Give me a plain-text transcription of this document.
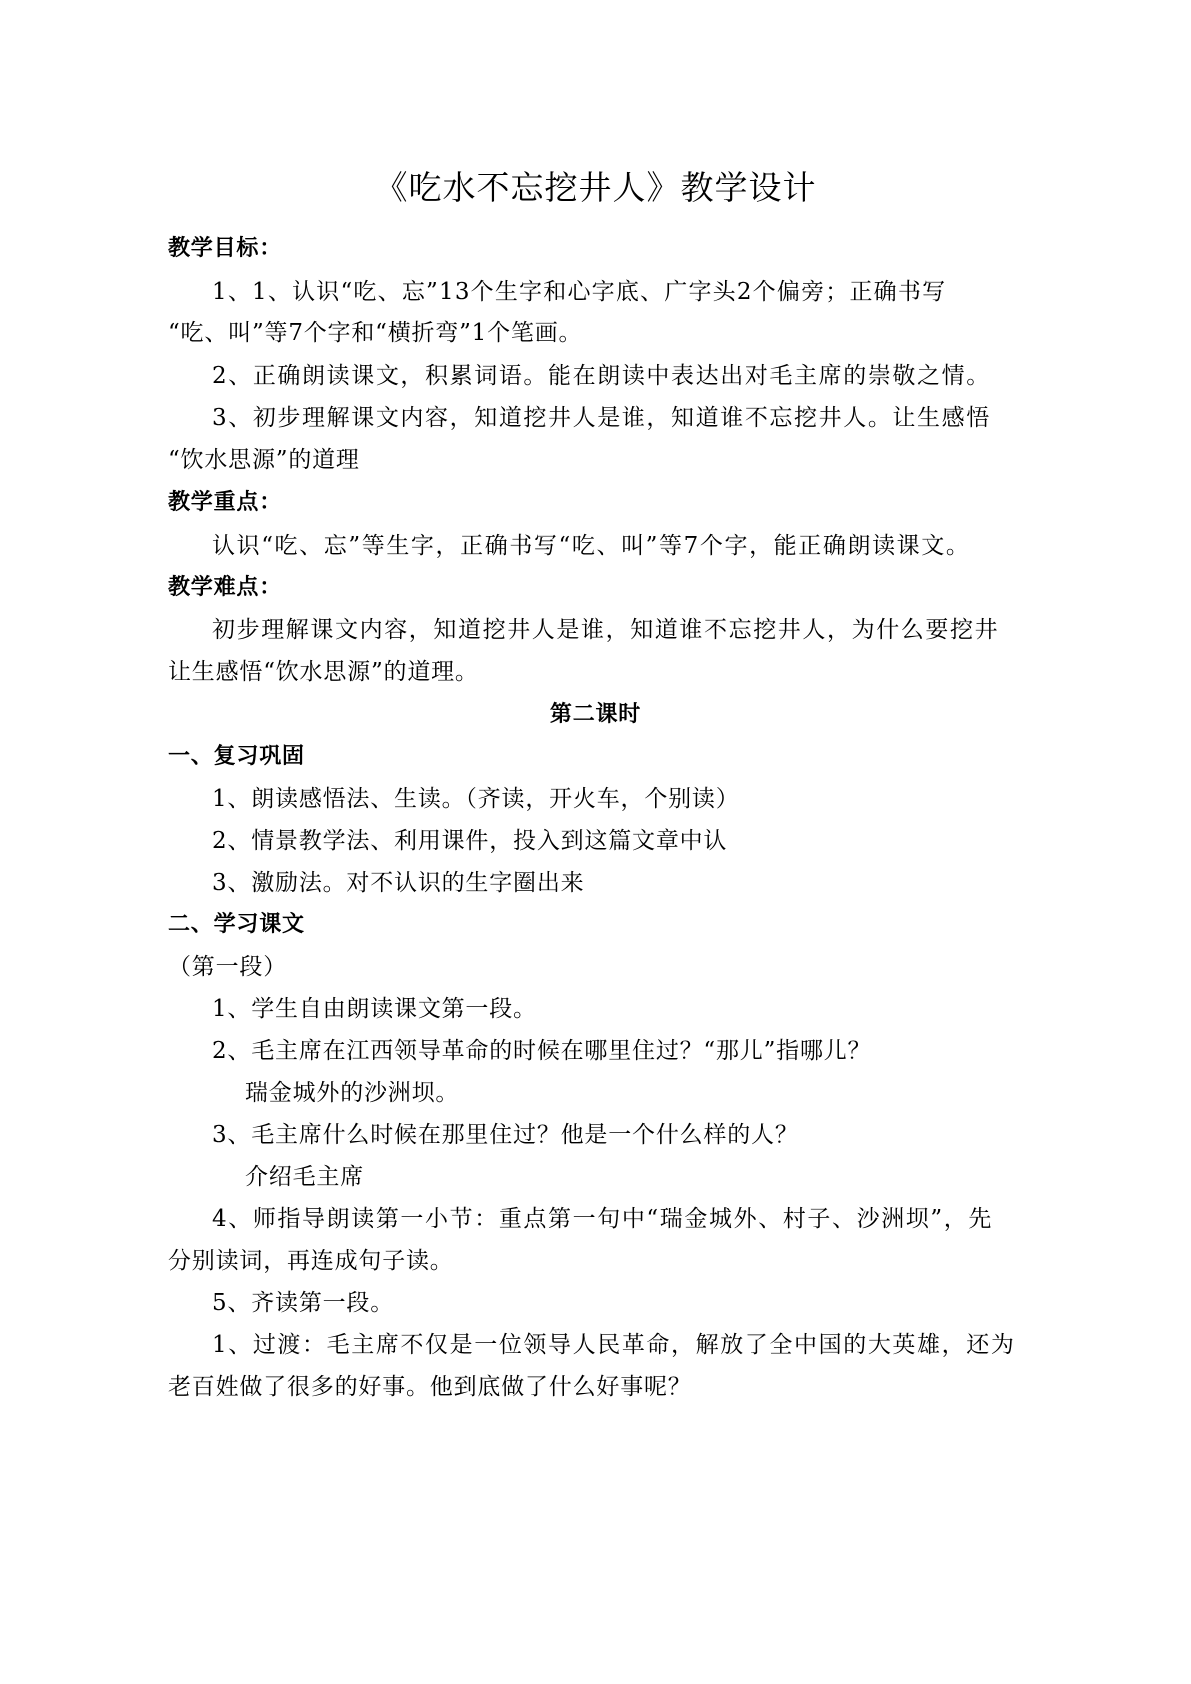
《吃水不忘挖井人》教学设计
教学目标：
1、1、认识“吃、忘”13个生字和心字底、广字头2个偏旁；正确书写
“吃、叫”等7个字和“横折弯”1个笔画。
2、正确朗读课文，积累词语。能在朗读中表达出对毛主席的崇敬之情。
3、初步理解课文内容，知道挖井人是谁，知道谁不忘挖井人。让生感悟
“饮水思源”的道理
教学重点：
认识“吃、忘”等生字，正确书写“吃、叫”等7个字，能正确朗读课文。
教学难点：
初步理解课文内容，知道挖井人是谁，知道谁不忘挖井人，为什么要挖井
让生感悟“饮水思源”的道理。
第二课时
一、复习巩固
1、朗读感悟法、生读。（齐读，开火车，个别读）
2、情景教学法、利用课件，投入到这篇文章中认
3、激励法。对不认识的生字圈出来
二、学习课文
（第一段）
1、学生自由朗读课文第一段。
2、毛主席在江西领导革命的时候在哪里住过？“那儿”指哪儿？
瑞金城外的沙洲坝。
3、毛主席什么时候在那里住过？他是一个什么样的人？
介绍毛主席
4、师指导朗读第一小节：重点第一句中“瑞金城外、村子、沙洲坝”，先
分别读词，再连成句子读。
5、齐读第一段。
1、过渡：毛主席不仅是一位领导人民革命，解放了全中国的大英雄，还为
老百姓做了很多的好事。他到底做了什么好事呢？
